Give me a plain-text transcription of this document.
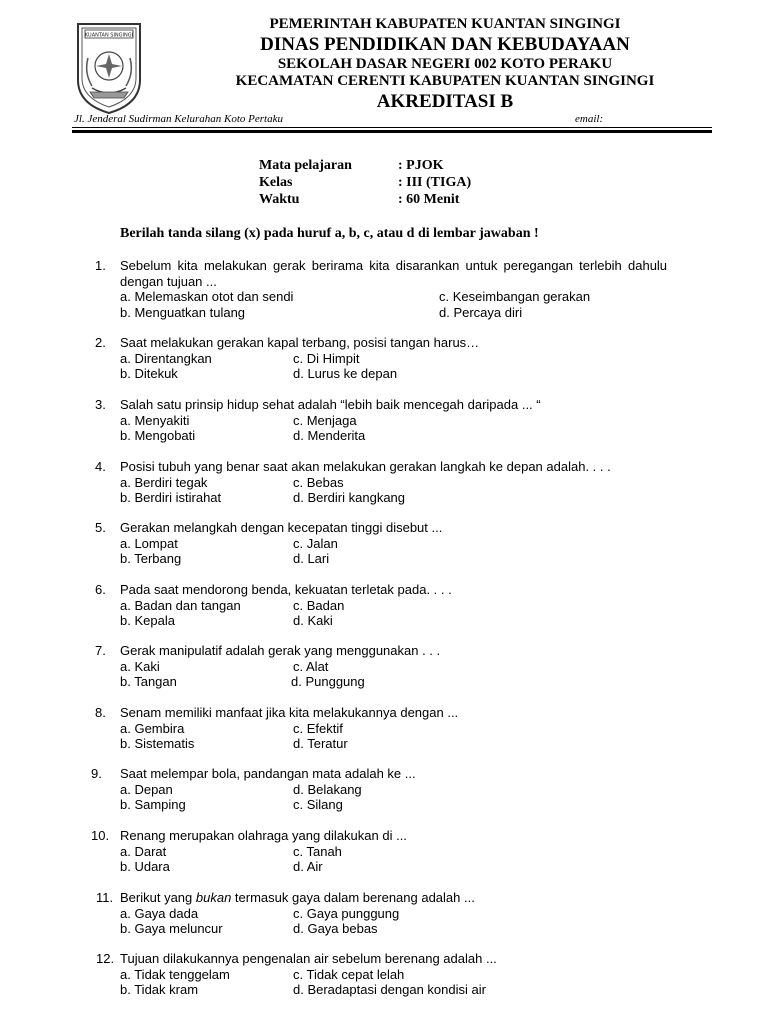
KUANTAN SINGINGI
PEMERINTAH KABUPATEN KUANTAN SINGINGI
DINAS PENDIDIKAN DAN KEBUDAYAAN
SEKOLAH DASAR NEGERI 002 KOTO PERAKU
KECAMATAN CERENTI KABUPATEN KUANTAN SINGINGI
AKREDITASI B
Jl. Jenderal Sudirman Kelurahan Koto Pertaku	email:
Mata pelajaran	: PJOK
Kelas	: III (TIGA)
Waktu	: 60 Menit
Berilah tanda silang (x) pada huruf a, b, c, atau d di lembar jawaban !
1. Sebelum kita melakukan gerak berirama kita disarankan untuk peregangan terlebih dahulu
dengan tujuan ...
a. Melemaskan otot dan sendi	c. Keseimbangan gerakan
b. Menguatkan tulang	d. Percaya diri
2. Saat melakukan gerakan kapal terbang, posisi tangan harus…
a. Direntangkan	c. Di Himpit
b. Ditekuk	d. Lurus ke depan
3. Salah satu prinsip hidup sehat adalah “lebih baik mencegah daripada ... “
a. Menyakiti	c. Menjaga
b. Mengobati	d. Menderita
4. Posisi tubuh yang benar saat akan melakukan gerakan langkah ke depan adalah. . . .
a. Berdiri tegak	c. Bebas
b. Berdiri istirahat	d. Berdiri kangkang
5. Gerakan melangkah dengan kecepatan tinggi disebut ...
a. Lompat	c. Jalan
b. Terbang	d. Lari
6. Pada saat mendorong benda, kekuatan terletak pada. . . .
a. Badan dan tangan	c. Badan
b. Kepala	d. Kaki
7. Gerak manipulatif adalah gerak yang menggunakan . . .
a. Kaki	c. Alat
b. Tangan	d. Punggung
8. Senam memiliki manfaat jika kita melakukannya dengan ...
a. Gembira	c. Efektif
b. Sistematis	d. Teratur
9. Saat melempar bola, pandangan mata adalah ke ...
a. Depan	d. Belakang
b. Samping	c. Silang
10. Renang merupakan olahraga yang dilakukan di ...
a. Darat	c. Tanah
b. Udara	d. Air
11. Berikut yang bukan termasuk gaya dalam berenang adalah ...
a. Gaya dada	c. Gaya punggung
b. Gaya meluncur	d. Gaya bebas
12. Tujuan dilakukannya pengenalan air sebelum berenang adalah ...
a. Tidak tenggelam	c. Tidak cepat lelah
b. Tidak kram	d. Beradaptasi dengan kondisi air
